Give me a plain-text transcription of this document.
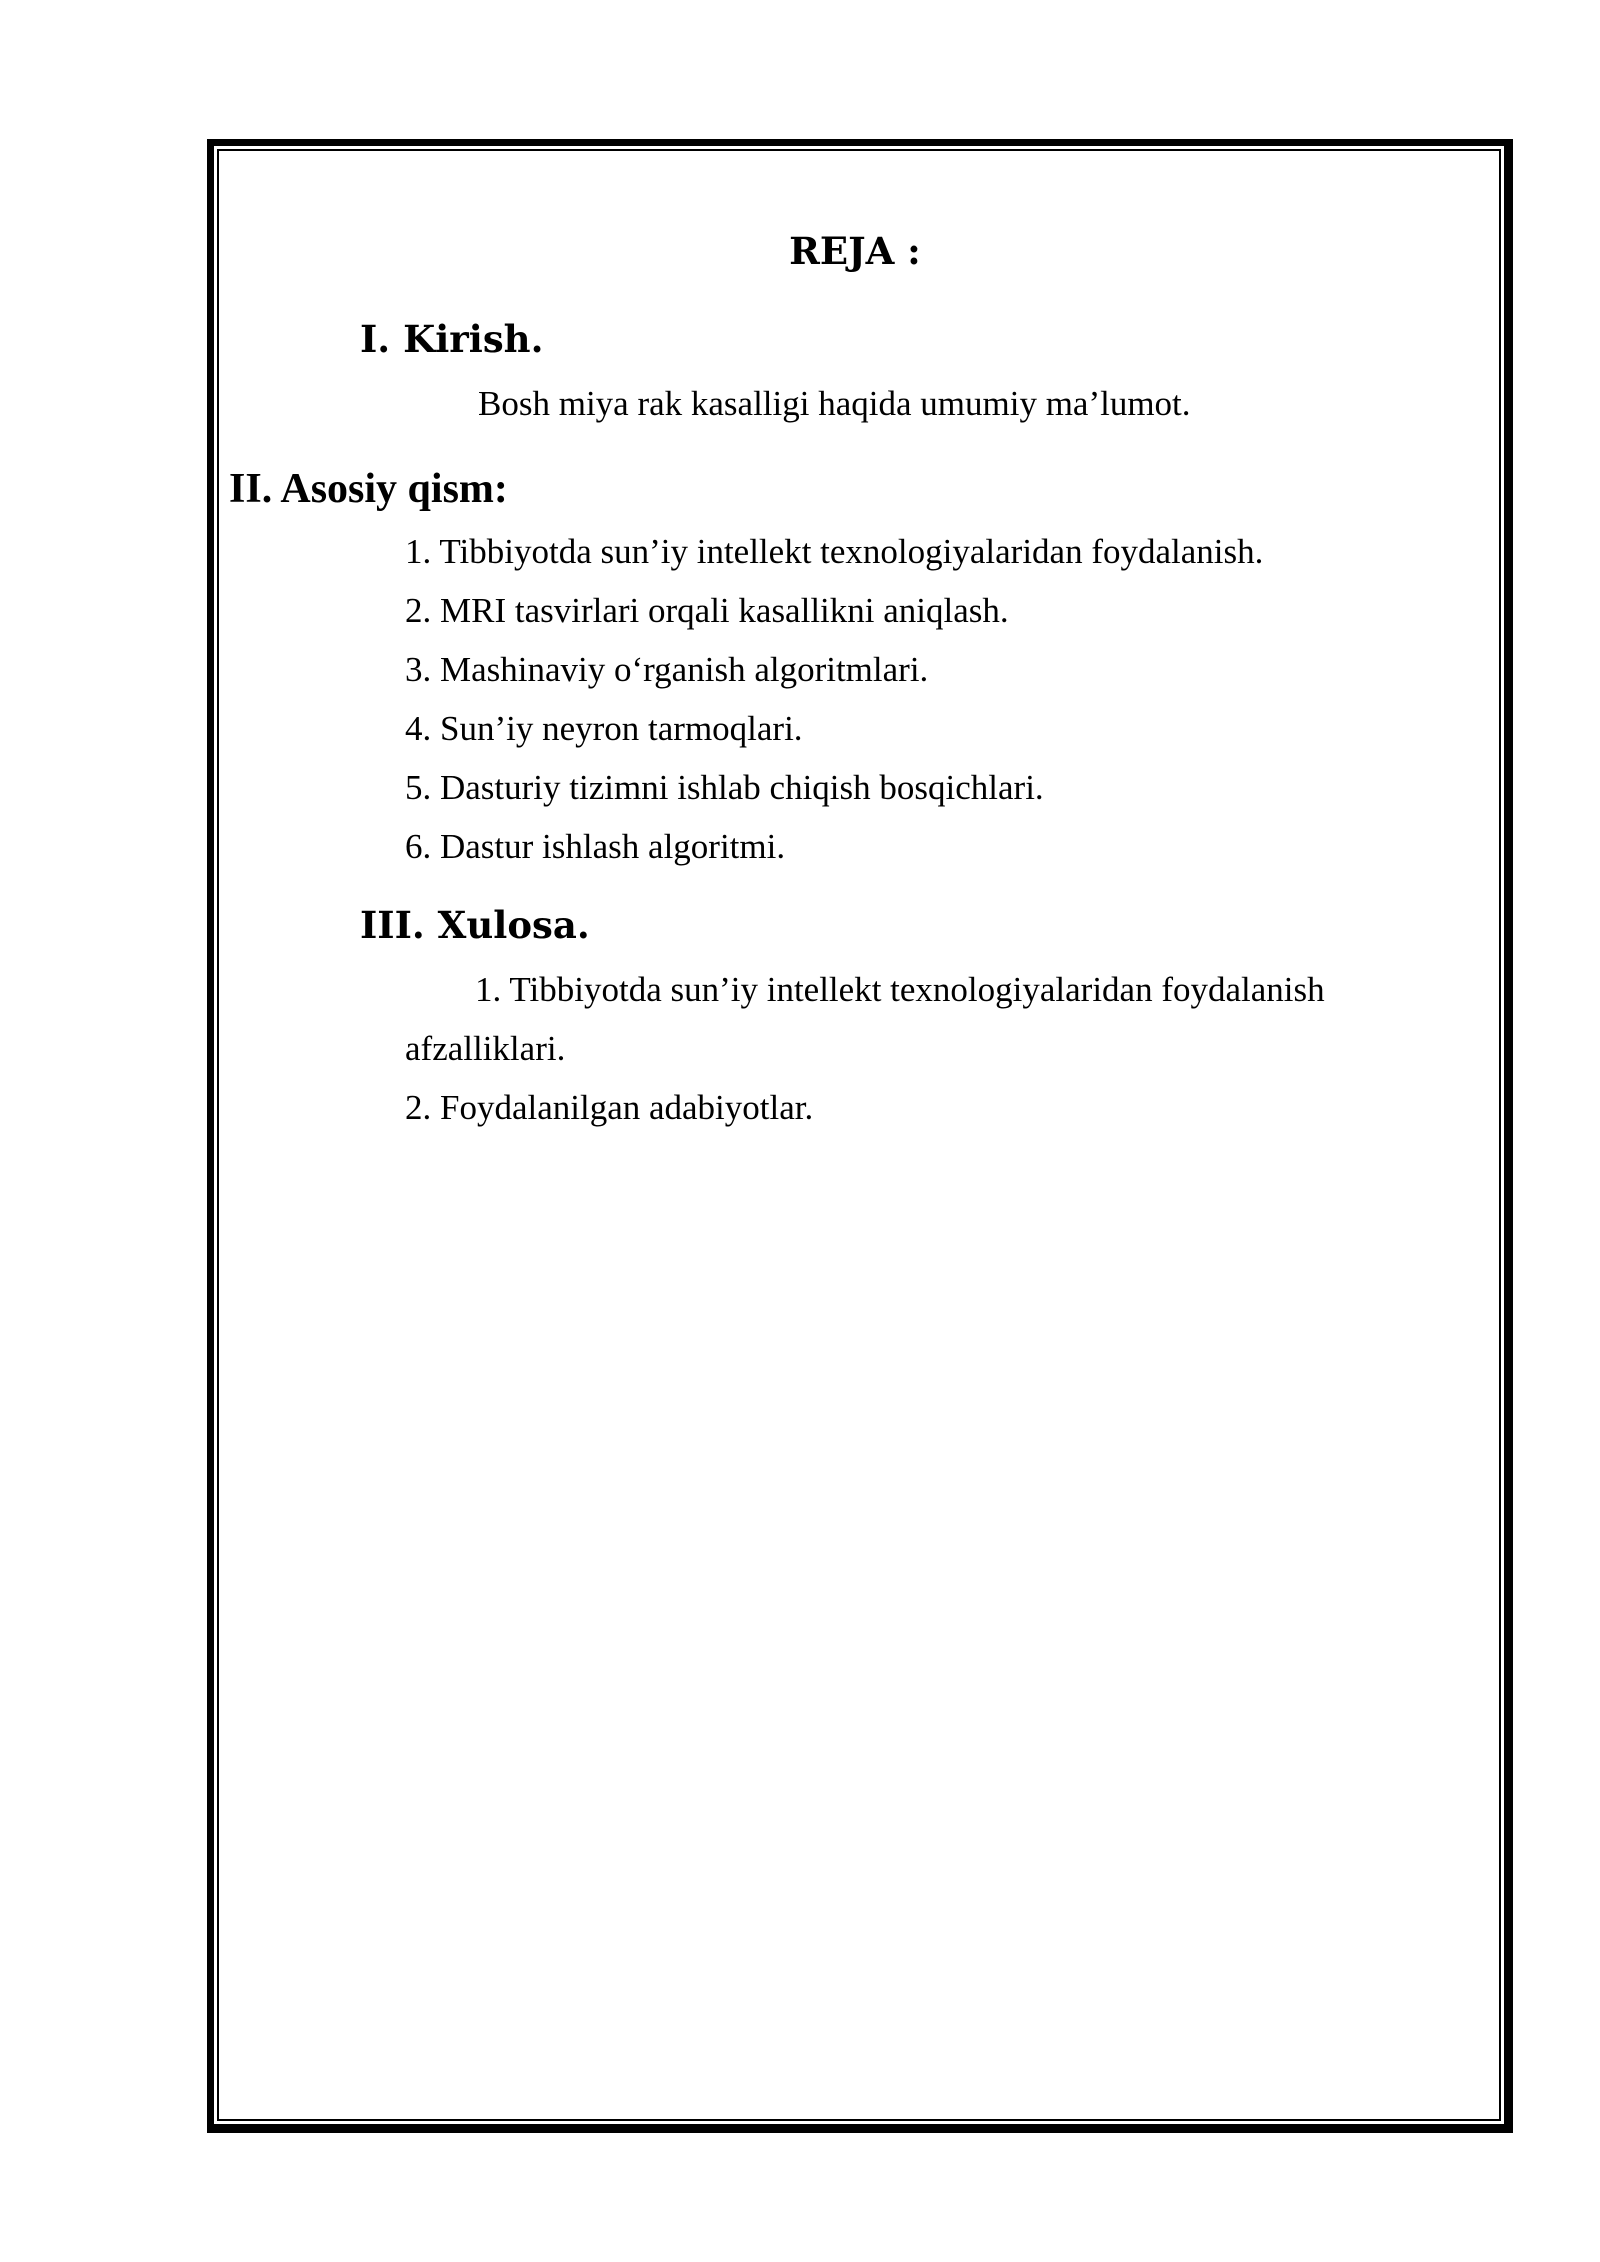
REJA :
I. Kirish.
Bosh miya rak kasalligi haqida umumiy ma’lumot.
II. Asosiy qism:
1. Tibbiyotda sun’iy intellekt texnologiyalaridan foydalanish.
2. MRI tasvirlari orqali kasallikni aniqlash.
3. Mashinaviy o‘rganish algoritmlari.
4. Sun’iy neyron tarmoqlari.
5. Dasturiy tizimni ishlab chiqish bosqichlari.
6. Dastur ishlash algoritmi.
III. Xulosa.
1. Tibbiyotda sun’iy intellekt texnologiyalaridan foydalanish
afzalliklari.
2. Foydalanilgan adabiyotlar.
